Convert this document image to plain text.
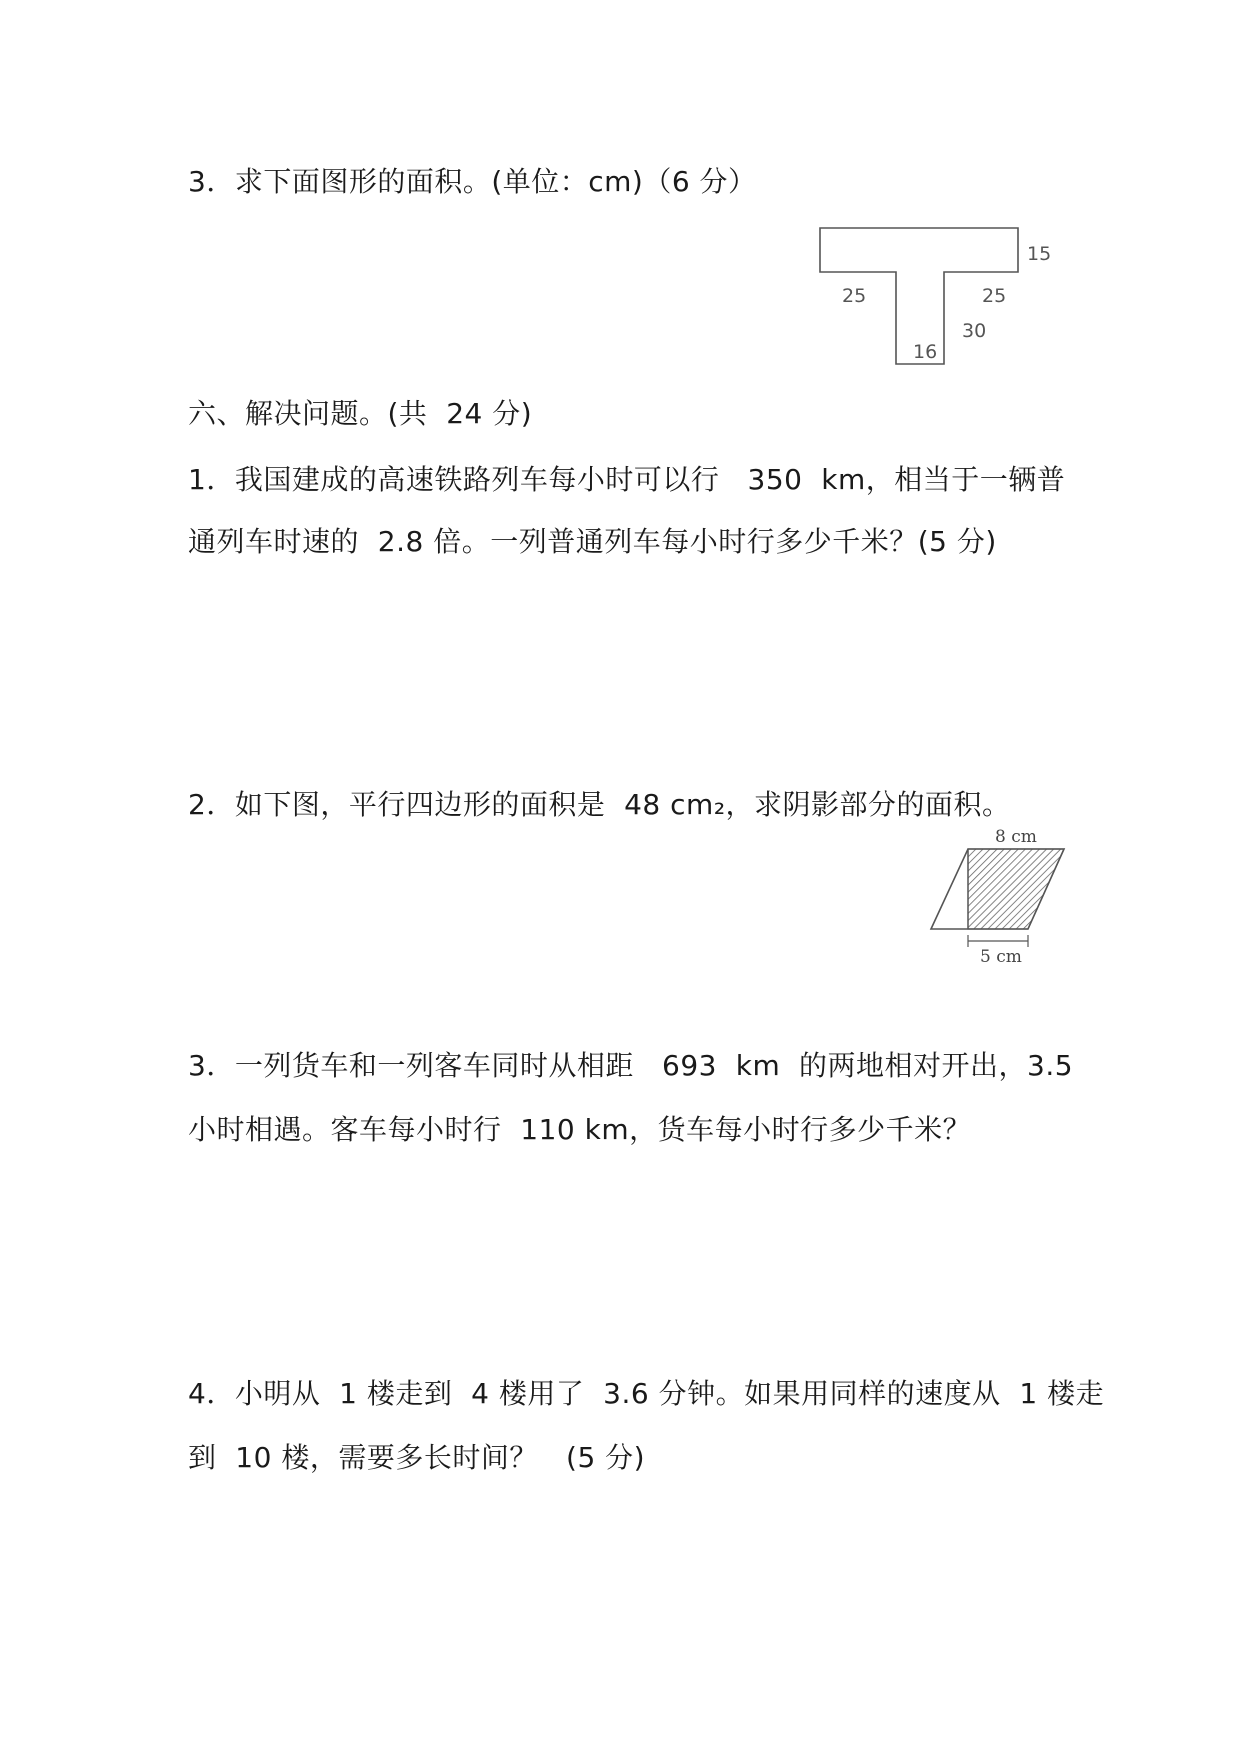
3．求下面图形的面积。(单位：cm)（6 分）
15
25	25
30
16
六、解决问题。(共  24 分)
1．我国建成的高速铁路列车每小时可以行   350  km，相当于一辆普
通列车时速的  2.8 倍。一列普通列车每小时行多少千米？(5 分)
2．如下图，平行四边形的面积是  48 cm₂，求阴影部分的面积。
8 cm
5 cm
3．一列货车和一列客车同时从相距   693  km  的两地相对开出，3.5
小时相遇。客车每小时行  110 km，货车每小时行多少千米？
4．小明从  1 楼走到  4 楼用了  3.6 分钟。如果用同样的速度从  1 楼走
到  10 楼，需要多长时间？   (5 分)
